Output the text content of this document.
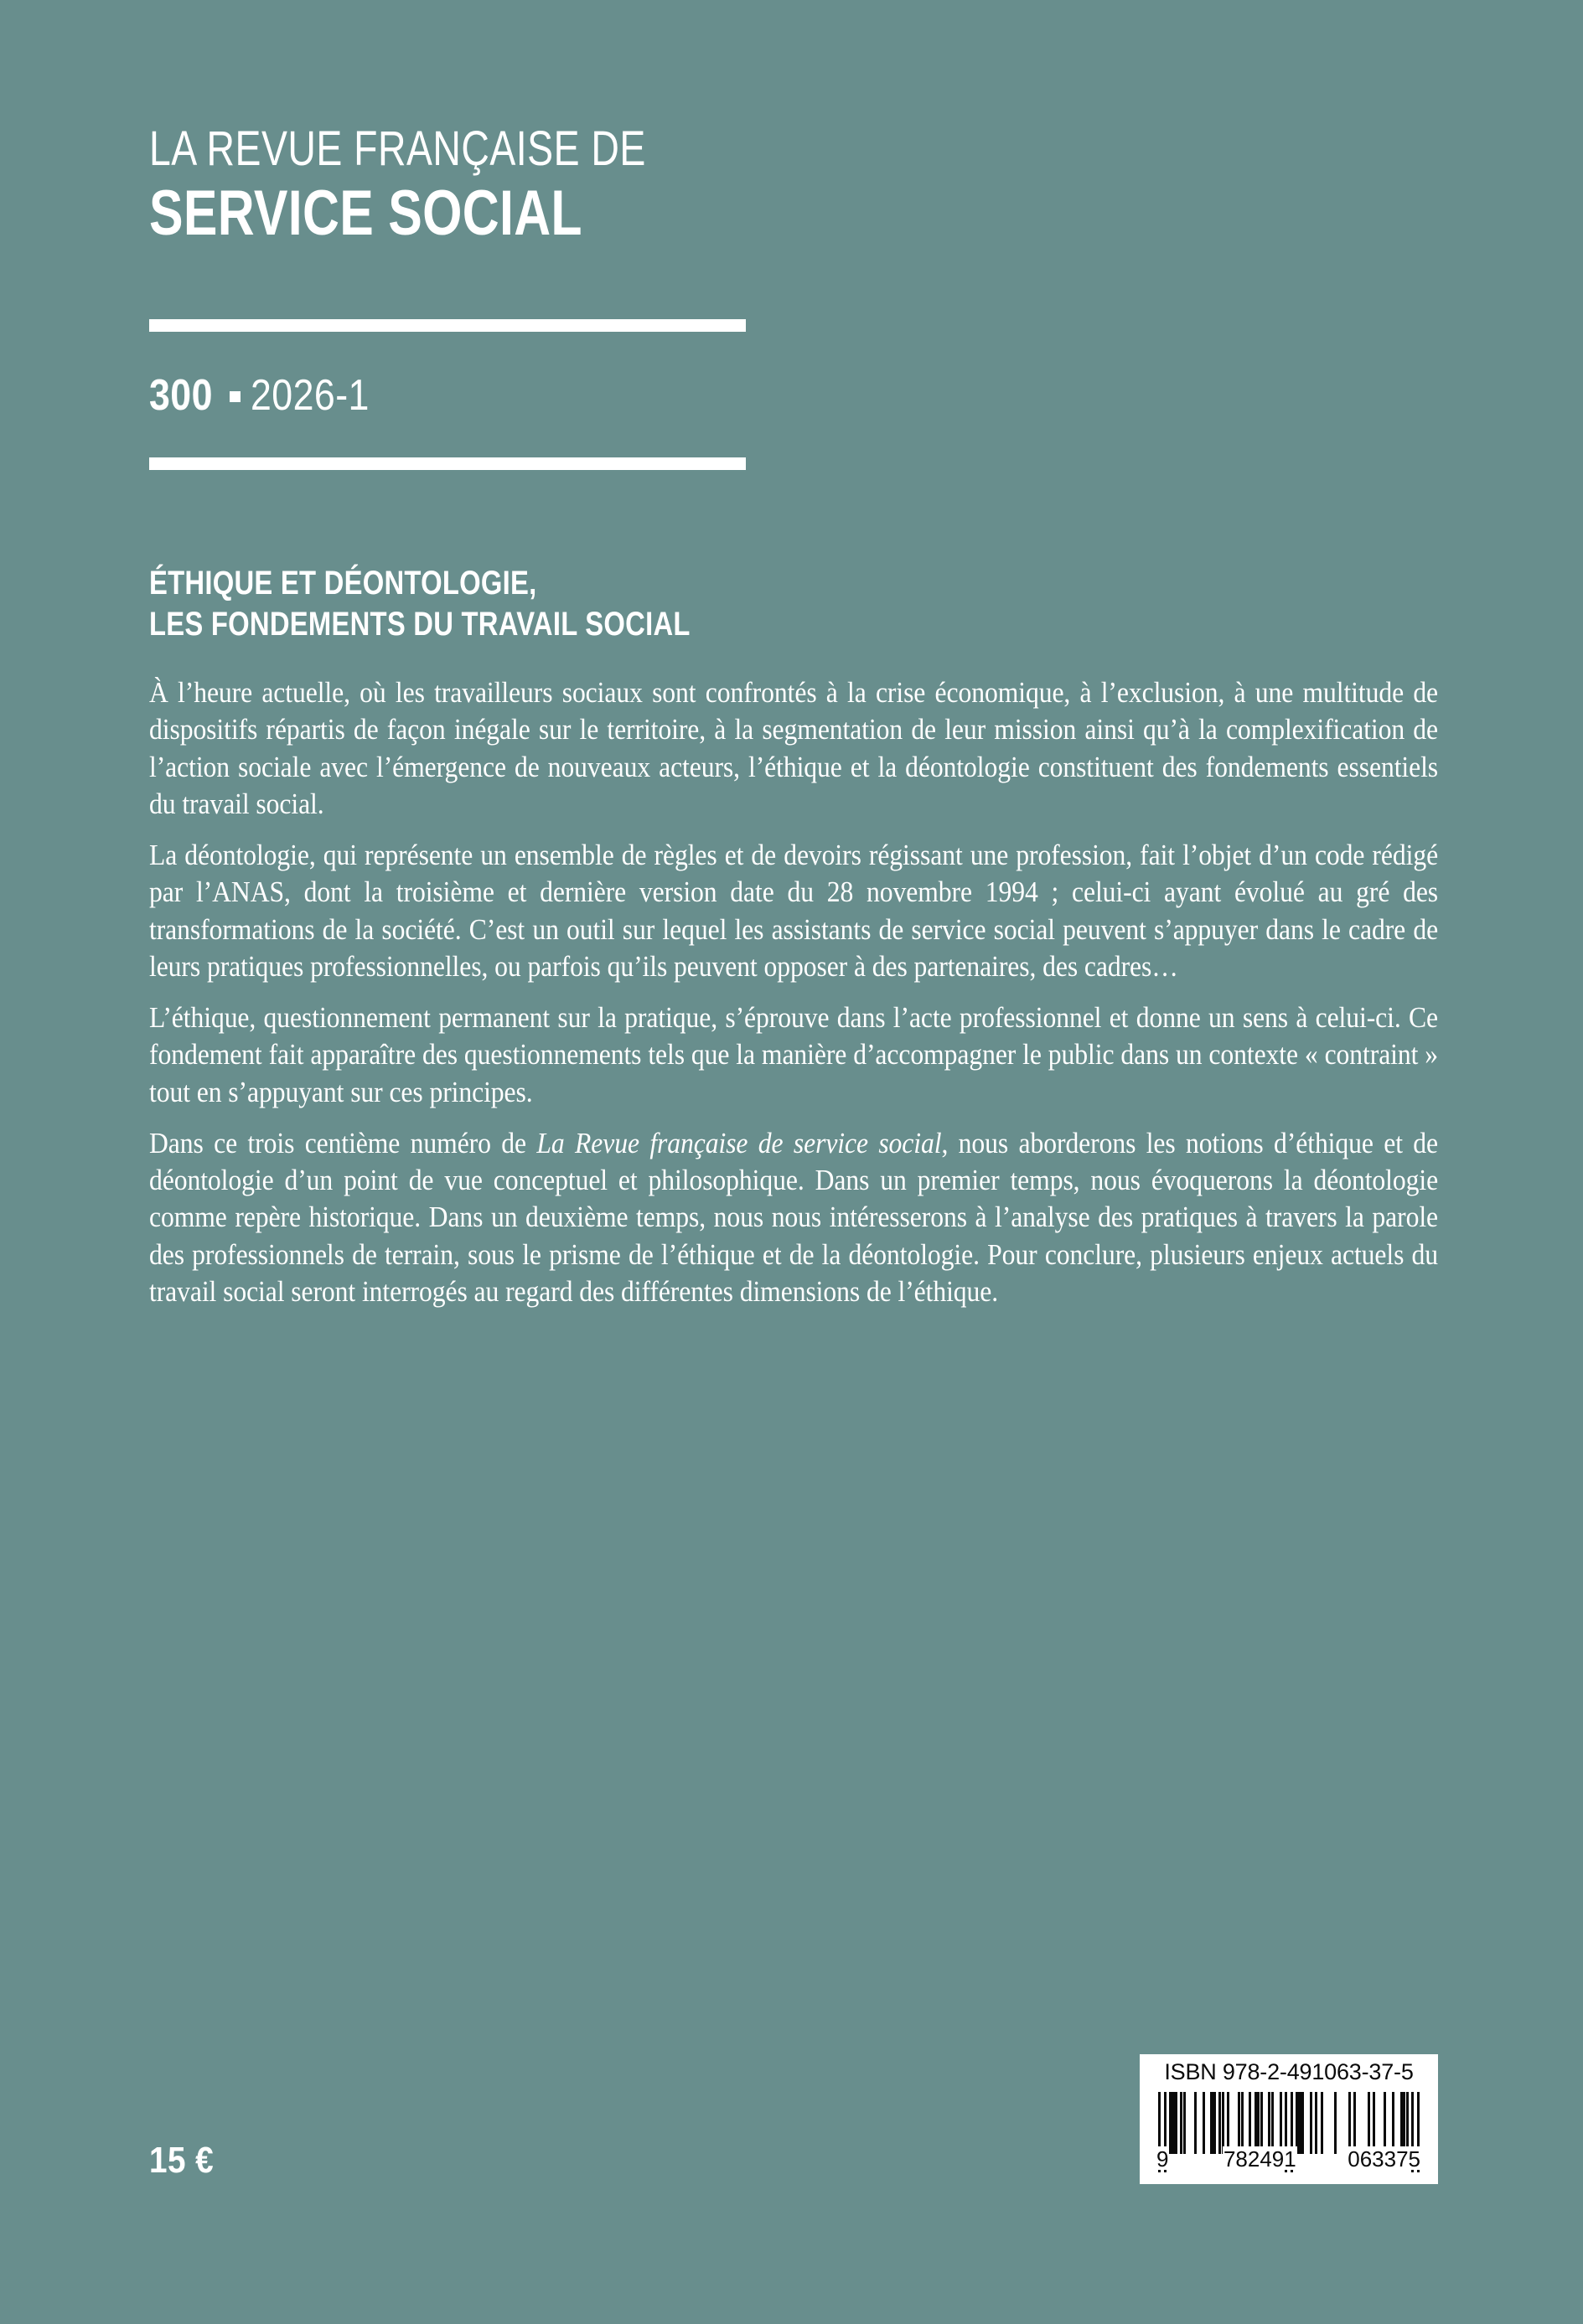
LA REVUE FRANÇAISE DE
SERVICE SOCIAL
300 2026-1
ÉTHIQUE ET DÉONTOLOGIE,
LES FONDEMENTS DU TRAVAIL SOCIAL

À l’heure actuelle, où les travailleurs sociaux sont confrontés à la crise économique, à l’exclusion, à une multitude de dispositifs répartis de façon inégale sur le territoire, à la segmentation de leur mission ainsi qu’à la complexification de l’action sociale avec l’émergence de nouveaux acteurs, l’éthique et la déontologie constituent des fondements essentiels du travail social.

La déontologie, qui représente un ensemble de règles et de devoirs régissant une profession, fait l’objet d’un code rédigé par l’ANAS, dont la troisième et dernière version date du 28 novembre 1994 ; celui-ci ayant évolué au gré des transformations de la société. C’est un outil sur lequel les assistants de service social peuvent s’appuyer dans le cadre de leurs pratiques professionnelles, ou parfois qu’ils peuvent opposer à des partenaires, des cadres…

L’éthique, questionnement permanent sur la pratique, s’éprouve dans l’acte professionnel et donne un sens à celui-ci. Ce fondement fait apparaître des questionnements tels que la manière d’accompagner le public dans un contexte « contraint » tout en s’appuyant sur ces principes.

Dans ce trois centième numéro de La Revue française de service social, nous aborderons les notions d’éthique et de déontologie d’un point de vue conceptuel et philosophique. Dans un premier temps, nous évoquerons la déontologie comme repère historique. Dans un deuxième temps, nous nous intéresserons à l’analyse des pratiques à travers la parole des professionnels de terrain, sous le prisme de l’éthique et de la déontologie. Pour conclure, plusieurs enjeux actuels du travail social seront interrogés au regard des différentes dimensions de l’éthique.

15 €
ISBN 978-2-491063-37-5
9	782491 063375
